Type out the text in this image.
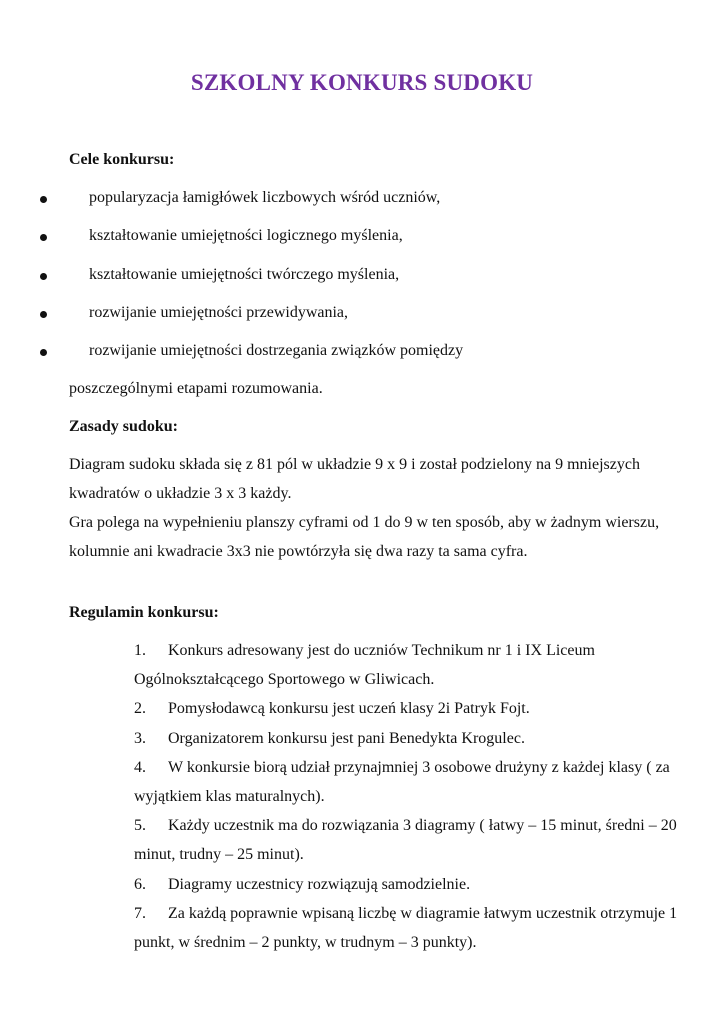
SZKOLNY KONKURS SUDOKU
Cele konkursu:
popularyzacja łamigłówek liczbowych wśród uczniów,
kształtowanie umiejętności logicznego myślenia,
kształtowanie umiejętności twórczego myślenia,
rozwijanie umiejętności przewidywania,
rozwijanie umiejętności dostrzegania związków pomiędzy
poszczególnymi etapami rozumowania.
Zasady sudoku:
Diagram sudoku składa się z 81 pól w układzie 9 x 9 i został podzielony na 9 mniejszych kwadratów o układzie 3 x 3 każdy.
Gra polega na wypełnieniu planszy cyframi od 1 do 9 w ten sposób, aby w żadnym wierszu, kolumnie ani kwadracie 3x3 nie powtórzyła się dwa razy ta sama cyfra.
Regulamin konkursu:
1. Konkurs adresowany jest do uczniów Technikum nr 1 i IX Liceum Ogólnokształcącego Sportowego w Gliwicach.
2. Pomysłodawcą konkursu jest uczeń klasy 2i Patryk Fojt.
3. Organizatorem konkursu jest pani Benedykta Krogulec.
4. W konkursie biorą udział przynajmniej 3 osobowe drużyny z każdej klasy ( za wyjątkiem klas maturalnych).
5. Każdy uczestnik ma do rozwiązania 3 diagramy ( łatwy – 15 minut, średni – 20 minut, trudny – 25 minut).
6. Diagramy uczestnicy rozwiązują samodzielnie.
7. Za każdą poprawnie wpisaną liczbę w diagramie łatwym uczestnik otrzymuje 1 punkt, w średnim – 2 punkty, w trudnym – 3 punkty).
